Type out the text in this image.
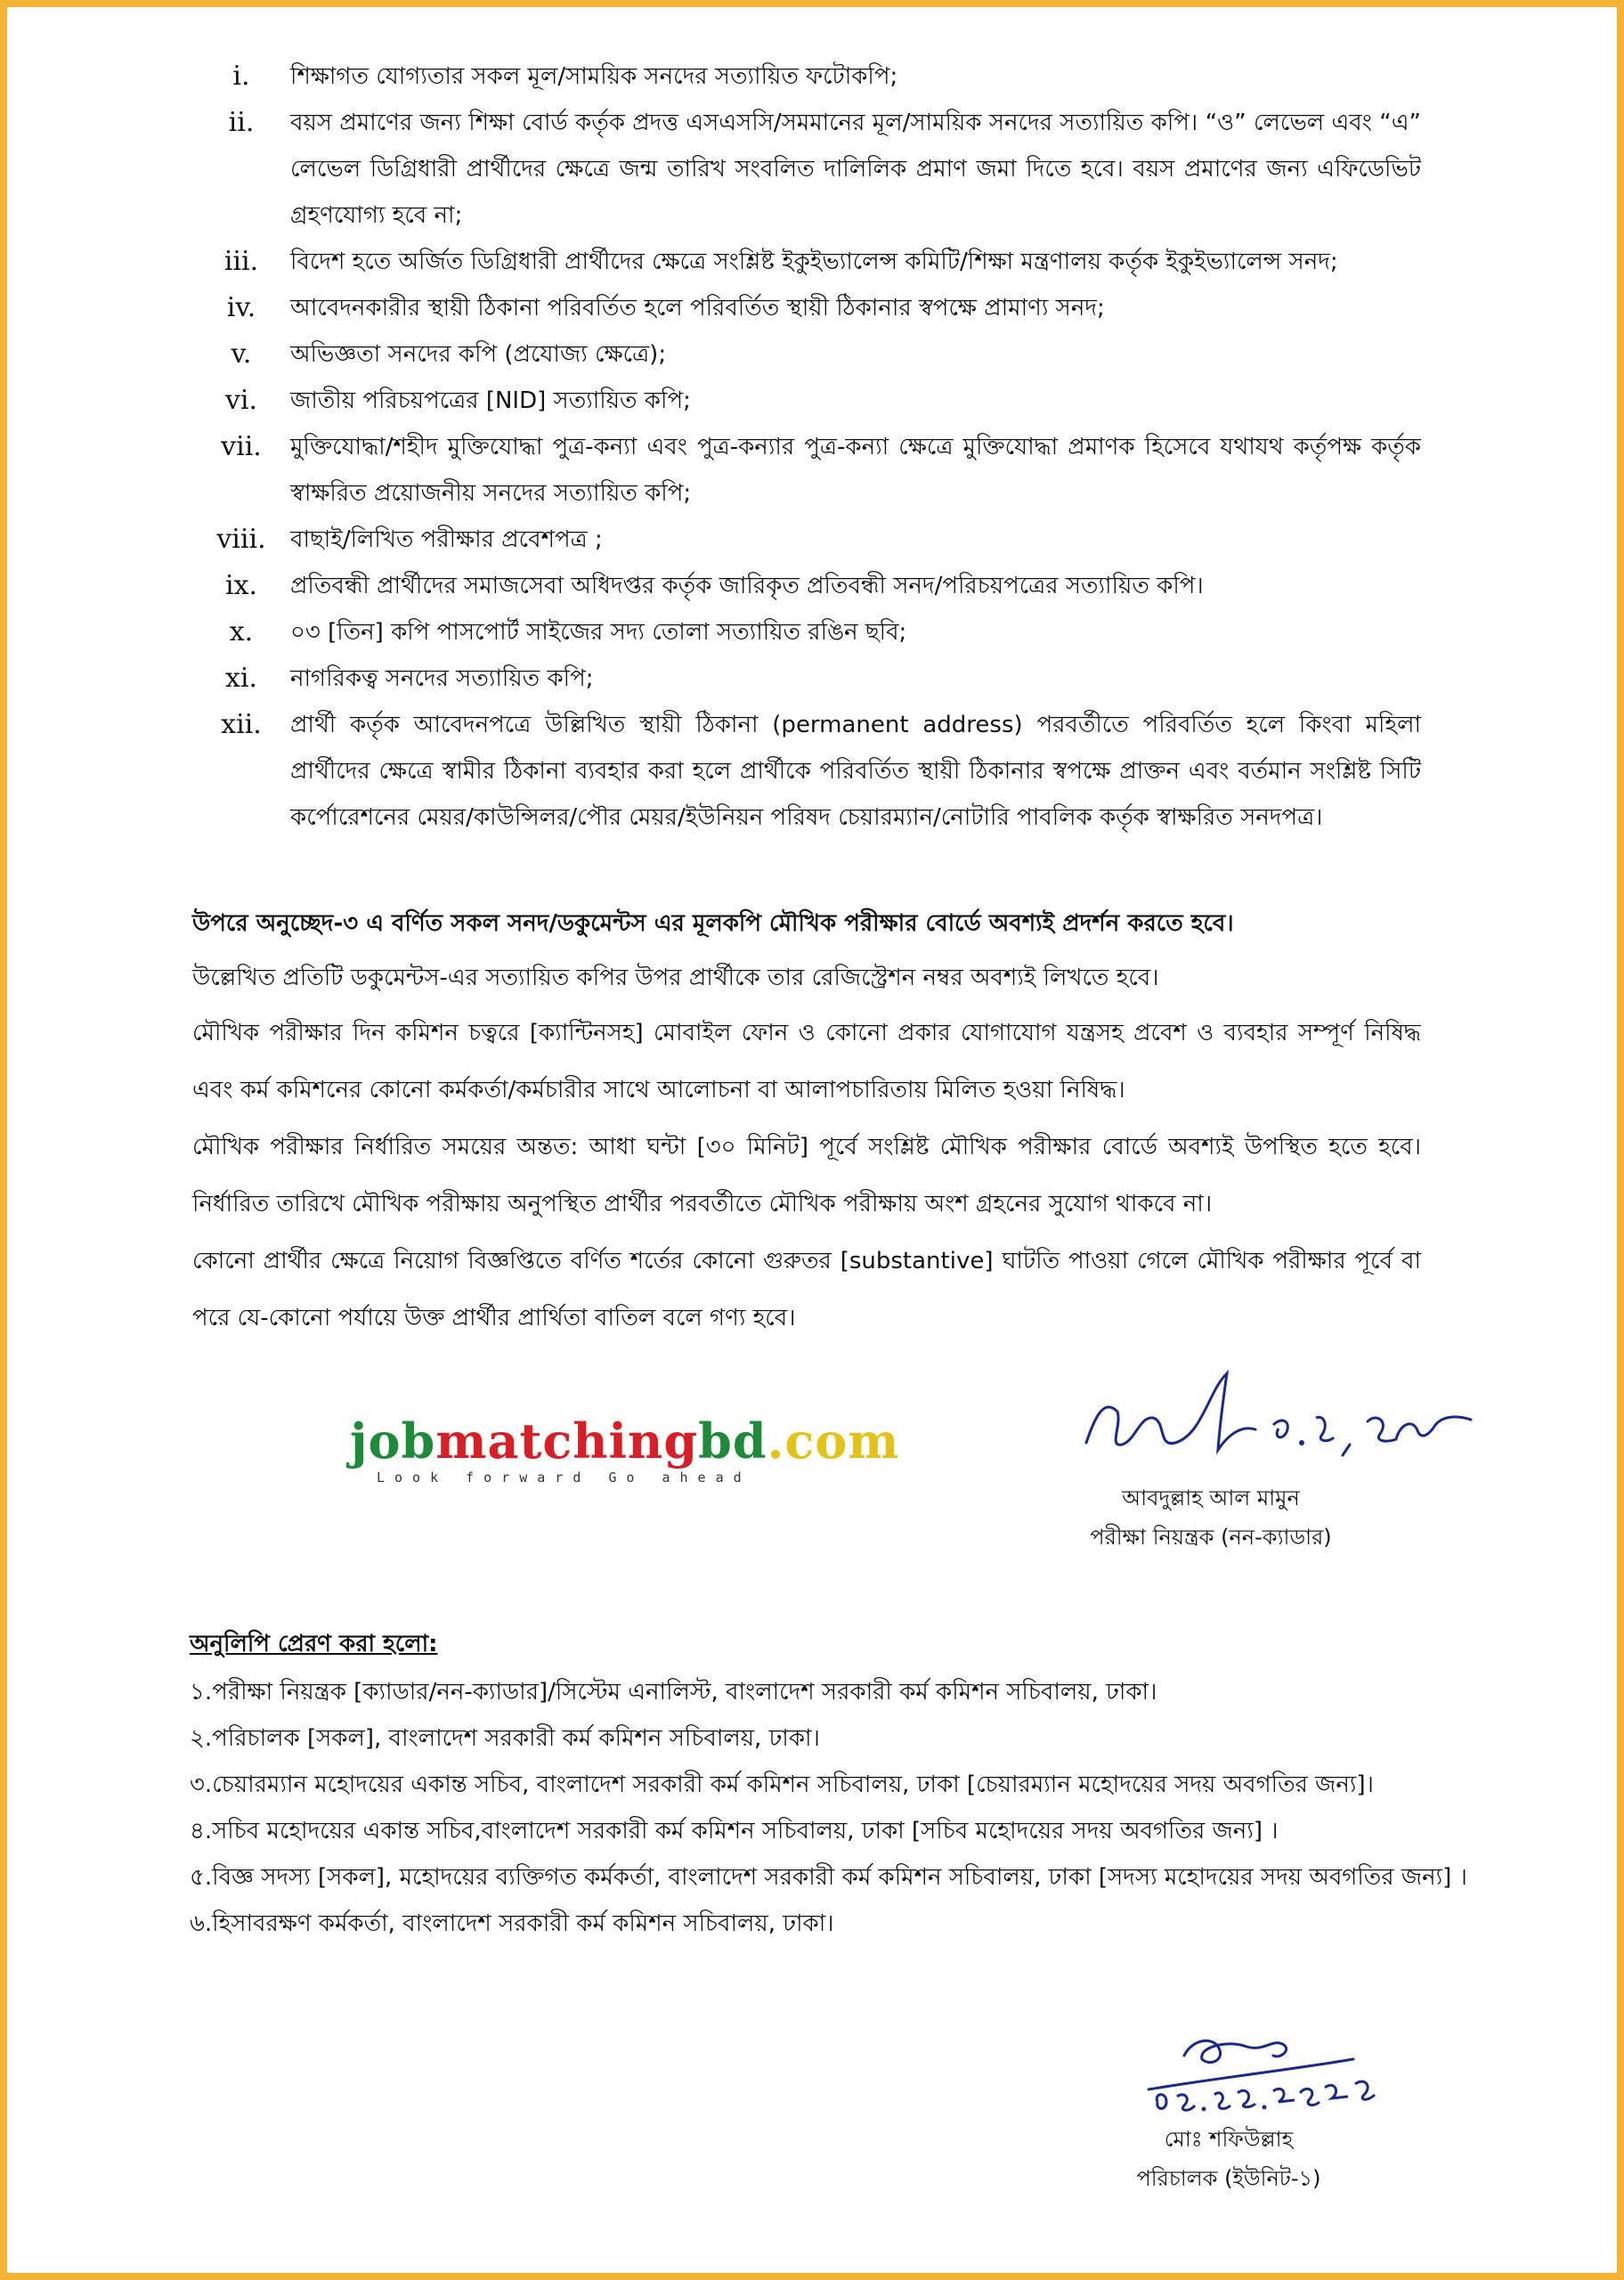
i.	শিক্ষাগত যোগ্যতার সকল মূল/সাময়িক সনদের সত্যায়িত ফটোকপি;
ii.	বয়স প্রমাণের জন্য শিক্ষা বোর্ড কর্তৃক প্রদত্ত এসএসসি/সমমানের মূল/সাময়িক সনদের সত্যায়িত কপি। “ও” লেভেল এবং “এ” লেভেল ডিগ্রিধারী প্রার্থীদের ক্ষেত্রে জন্ম তারিখ সংবলিত দালিলিক প্রমাণ জমা দিতে হবে। বয়স প্রমাণের জন্য এফিডেভিট গ্রহণযোগ্য হবে না;
iii.	বিদেশ হতে অর্জিত ডিগ্রিধারী প্রার্থীদের ক্ষেত্রে সংশ্লিষ্ট ইকুইভ্যালেন্স কমিটি/শিক্ষা মন্ত্রণালয় কর্তৃক ইকুইভ্যালেন্স সনদ;
iv.	আবেদনকারীর স্থায়ী ঠিকানা পরিবর্তিত হলে পরিবর্তিত স্থায়ী ঠিকানার স্বপক্ষে প্রামাণ্য সনদ;
v.	অভিজ্ঞতা সনদের কপি (প্রযোজ্য ক্ষেত্রে);
vi.	জাতীয় পরিচয়পত্রের [NID] সত্যায়িত কপি;
vii.	মুক্তিযোদ্ধা/শহীদ মুক্তিযোদ্ধা পুত্র-কন্যা এবং পুত্র-কন্যার পুত্র-কন্যা ক্ষেত্রে মুক্তিযোদ্ধা প্রমাণক হিসেবে যথাযথ কর্তৃপক্ষ কর্তৃক স্বাক্ষরিত প্রয়োজনীয় সনদের সত্যায়িত কপি;
viii.	বাছাই/লিখিত পরীক্ষার প্রবেশপত্র ;
ix.	প্রতিবন্ধী প্রার্থীদের সমাজসেবা অধিদপ্তর কর্তৃক জারিকৃত প্রতিবন্ধী সনদ/পরিচয়পত্রের সত্যায়িত কপি।
x.	০৩ [তিন] কপি পাসপোর্ট সাইজের সদ্য তোলা সত্যায়িত রঙিন ছবি;
xi.	নাগরিকত্ব সনদের সত্যায়িত কপি;
xii.	প্রার্থী কর্তৃক আবেদনপত্রে উল্লিখিত স্থায়ী ঠিকানা (permanent address) পরবর্তীতে পরিবর্তিত হলে কিংবা মহিলা প্রার্থীদের ক্ষেত্রে স্বামীর ঠিকানা ব্যবহার করা হলে প্রার্থীকে পরিবর্তিত স্থায়ী ঠিকানার স্বপক্ষে প্রাক্তন এবং বর্তমান সংশ্লিষ্ট সিটি কর্পোরেশনের মেয়র/কাউন্সিলর/পৌর মেয়র/ইউনিয়ন পরিষদ চেয়ারম্যান/নোটারি পাবলিক কর্তৃক স্বাক্ষরিত সনদপত্র।
উপরে অনুচ্ছেদ-৩ এ বর্ণিত সকল সনদ/ডকুমেন্টস এর মূলকপি মৌখিক পরীক্ষার বোর্ডে অবশ্যই প্রদর্শন করতে হবে।
উল্লেখিত প্রতিটি ডকুমেন্টস-এর সত্যায়িত কপির উপর প্রার্থীকে তার রেজিস্ট্রেশন নম্বর অবশ্যই লিখতে হবে।
মৌখিক পরীক্ষার দিন কমিশন চত্বরে [ক্যান্টিনসহ] মোবাইল ফোন ও কোনো প্রকার যোগাযোগ যন্ত্রসহ প্রবেশ ও ব্যবহার সম্পূর্ণ নিষিদ্ধ এবং কর্ম কমিশনের কোনো কর্মকর্তা/কর্মচারীর সাথে আলোচনা বা আলাপচারিতায় মিলিত হওয়া নিষিদ্ধ।
মৌখিক পরীক্ষার নির্ধারিত সময়ের অন্তত: আধা ঘন্টা [৩০ মিনিট] পূর্বে সংশ্লিষ্ট মৌখিক পরীক্ষার বোর্ডে অবশ্যই উপস্থিত হতে হবে। নির্ধারিত তারিখে মৌখিক পরীক্ষায় অনুপস্থিত প্রার্থীর পরবর্তীতে মৌখিক পরীক্ষায় অংশ গ্রহনের সুযোগ থাকবে না।
কোনো প্রার্থীর ক্ষেত্রে নিয়োগ বিজ্ঞপ্তিতে বর্ণিত শর্তের কোনো গুরুতর [substantive] ঘাটতি পাওয়া গেলে মৌখিক পরীক্ষার পূর্বে বা পরে যে-কোনো পর্যায়ে উক্ত প্রার্থীর প্রার্থিতা বাতিল বলে গণ্য হবে।
jobmatchingbd.com
Look forward Go ahead
আবদুল্লাহ আল মামুন
পরীক্ষা নিয়ন্ত্রক (নন-ক্যাডার)
অনুলিপি প্রেরণ করা হলো:
১.পরীক্ষা নিয়ন্ত্রক [ক্যাডার/নন-ক্যাডার]/সিস্টেম এনালিস্ট, বাংলাদেশ সরকারী কর্ম কমিশন সচিবালয়, ঢাকা।
২.পরিচালক [সকল], বাংলাদেশ সরকারী কর্ম কমিশন সচিবালয়, ঢাকা।
৩.চেয়ারম্যান মহোদয়ের একান্ত সচিব, বাংলাদেশ সরকারী কর্ম কমিশন সচিবালয়, ঢাকা [চেয়ারম্যান মহোদয়ের সদয় অবগতির জন্য]।
৪.সচিব মহোদয়ের একান্ত সচিব,বাংলাদেশ সরকারী কর্ম কমিশন সচিবালয়, ঢাকা [সচিব মহোদয়ের সদয় অবগতির জন্য] ।
৫.বিজ্ঞ সদস্য [সকল], মহোদয়ের ব্যক্তিগত কর্মকর্তা, বাংলাদেশ সরকারী কর্ম কমিশন সচিবালয়, ঢাকা [সদস্য মহোদয়ের সদয় অবগতির জন্য] ।
৬.হিসাবরক্ষণ কর্মকর্তা, বাংলাদেশ সরকারী কর্ম কমিশন সচিবালয়, ঢাকা।
মোঃ শফিউল্লাহ
পরিচালক (ইউনিট-১)
